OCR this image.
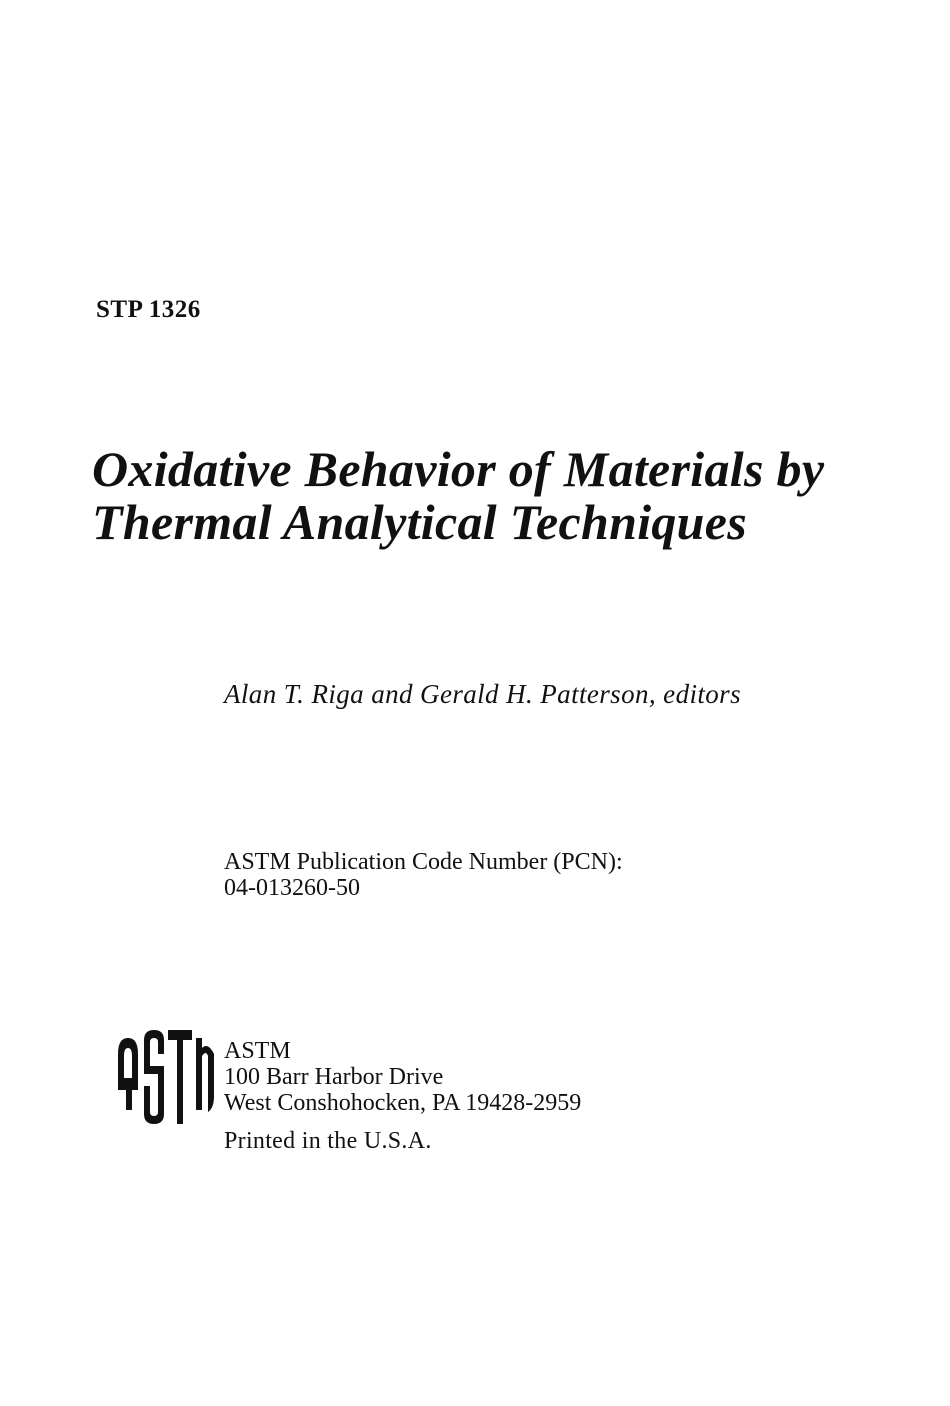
STP 1326
Oxidative Behavior of Materials by
Thermal Analytical Techniques
Alan T. Riga and Gerald H. Patterson, editors
ASTM Publication Code Number (PCN):
04-013260-50
ASTM
100 Barr Harbor Drive
West Conshohocken, PA 19428-2959
Printed in the U.S.A.
